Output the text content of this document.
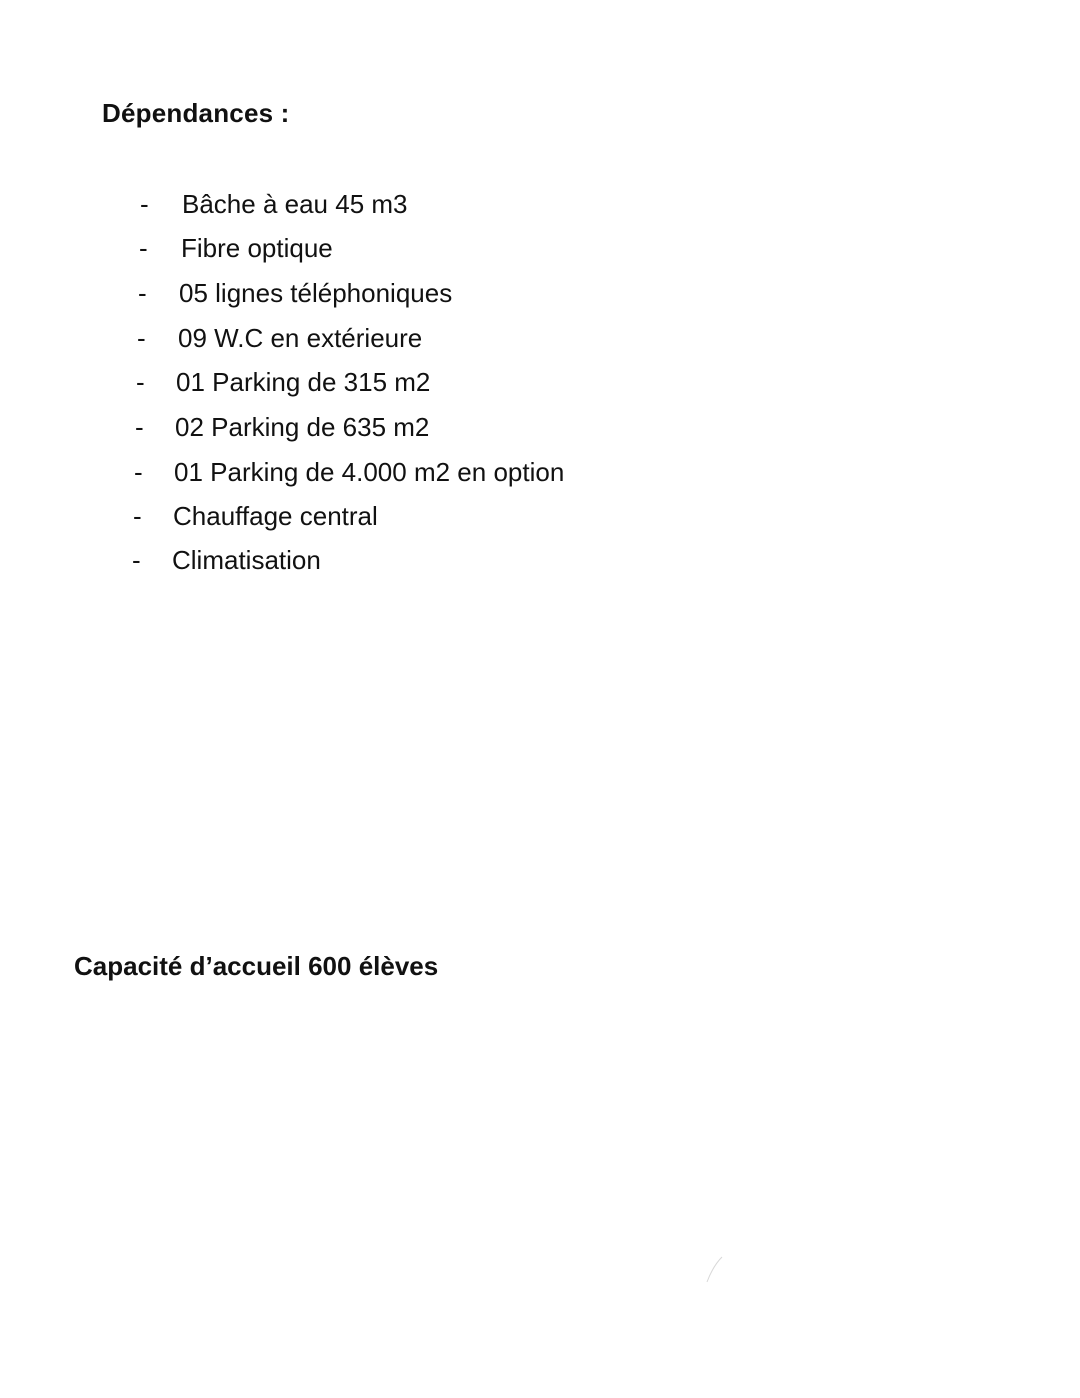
Dépendances :
- Bâche à eau 45 m3
- Fibre optique
- 05 lignes téléphoniques
- 09 W.C en extérieure
- 01 Parking de 315 m2
- 02 Parking de 635 m2
- 01 Parking de 4.000 m2 en option
- Chauffage central
- Climatisation
Capacité d’accueil 600 élèves
